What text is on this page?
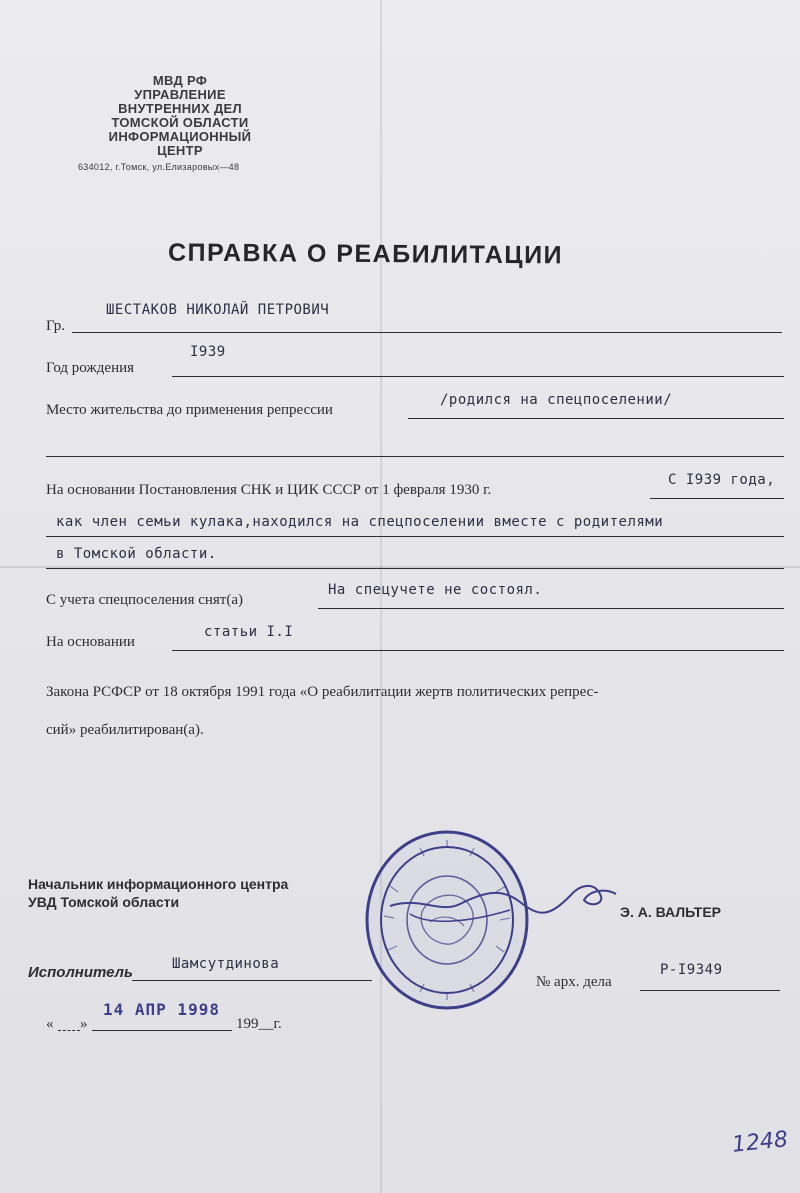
МВД РФ
УПРАВЛЕНИЕ
ВНУТРЕННИХ ДЕЛ
ТОМСКОЙ ОБЛАСТИ
ИНФОРМАЦИОННЫЙ
ЦЕНТР
634012, г.Томск, ул.Елизаровых—48
СПРАВКА О РЕАБИЛИТАЦИИ
Гр.
ШЕСТАКОВ НИКОЛАЙ ПЕТРОВИЧ
Год рождения
I939
Место жительства до применения репрессии
/родился на спецпоселении/
На основании Постановления СНК и ЦИК СССР от 1 февраля 1930 г.
С I939 года,
как член семьи кулака,находился на спецпоселении вместе с родителями
в Томской области.
С учета спецпоселения снят(а)
На спецучете не состоял.
На основании
статьи I.I
Закона РСФСР от 18 октября 1991 года «О реабилитации жертв политических репрес-
сий» реабилитирован(а).
Начальник информационного центра
УВД Томской области
Э. А. ВАЛЬТЕР
Исполнитель	Шамсутдинова
№ арх. дела
Р-I9349
« »
14 АПР 1998
199__г.
1248
